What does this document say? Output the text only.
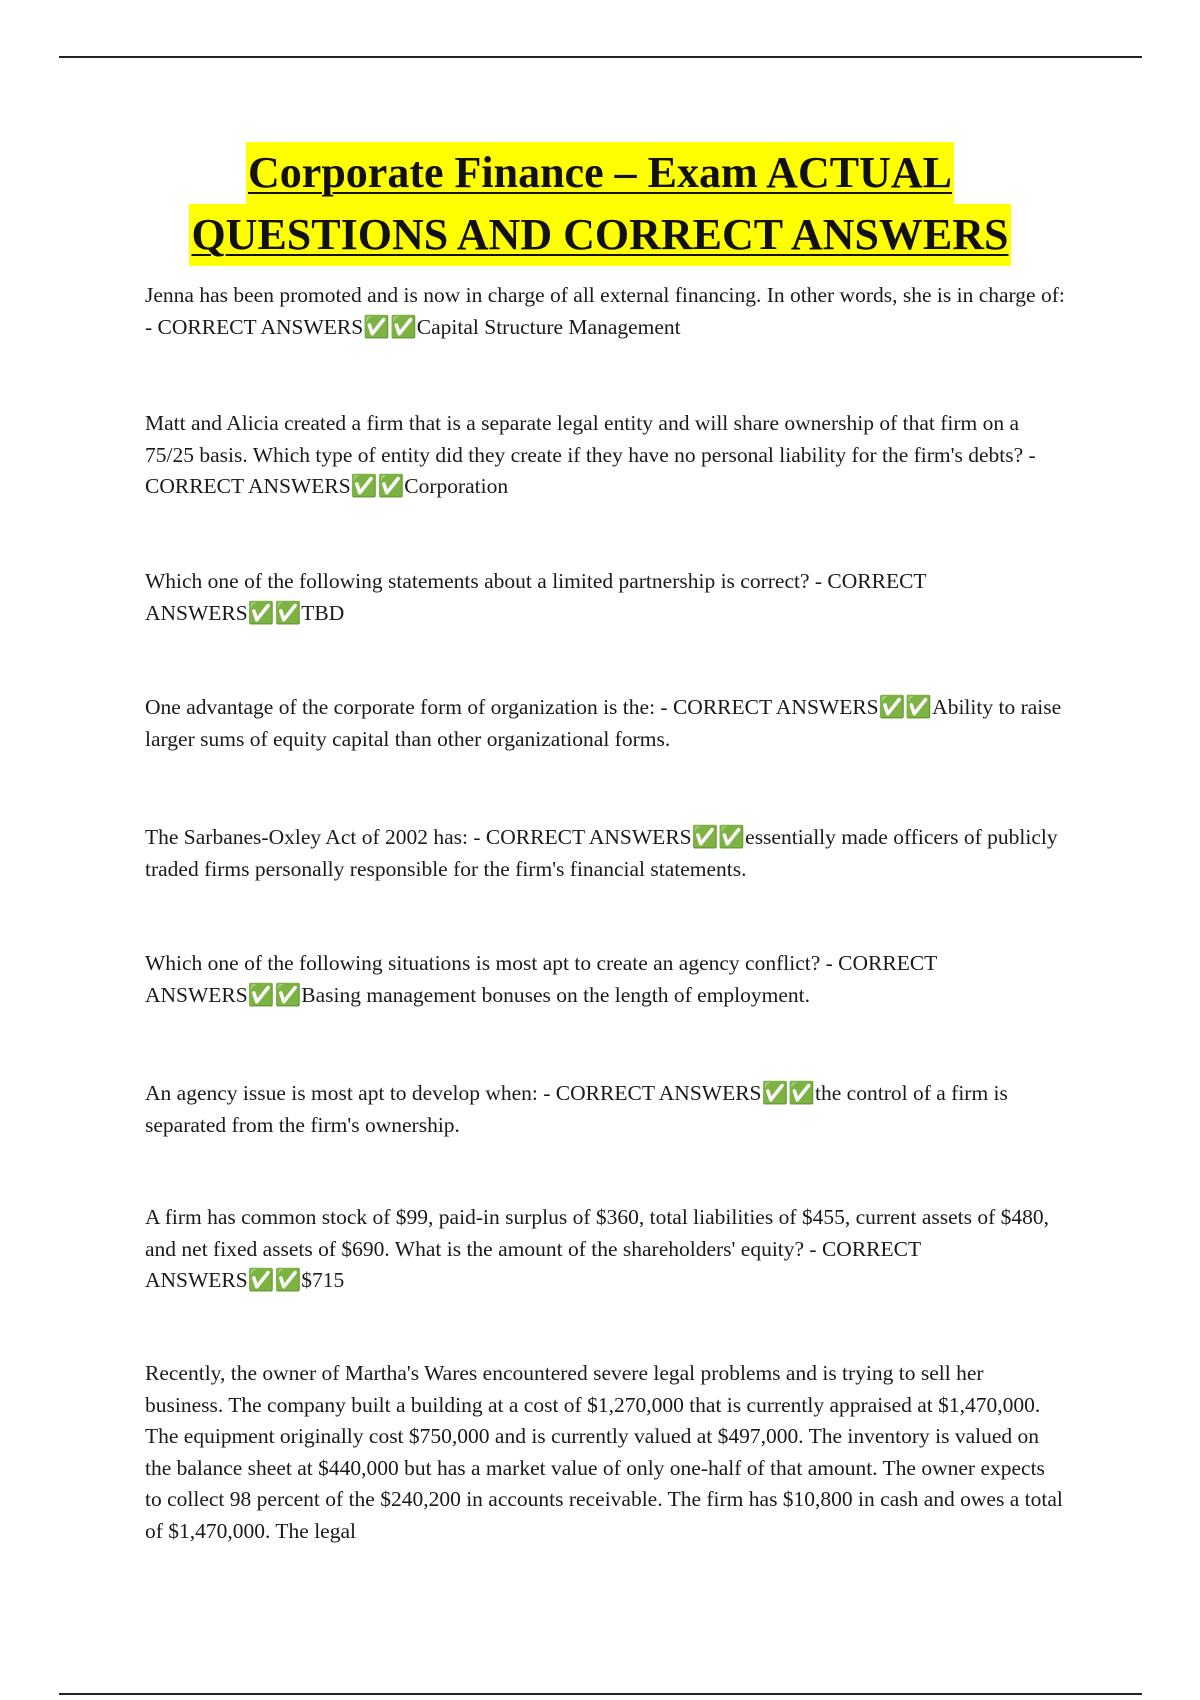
Corporate Finance – Exam ACTUAL
QUESTIONS AND CORRECT ANSWERS

Jenna has been promoted and is now in charge of all external financing. In other words, she is in charge of: - CORRECT ANSWERS✅✅Capital Structure Management

Matt and Alicia created a firm that is a separate legal entity and will share ownership of that firm on a 75/25 basis. Which type of entity did they create if they have no personal liability for the firm's debts? - CORRECT ANSWERS✅✅Corporation

Which one of the following statements about a limited partnership is correct? - CORRECT ANSWERS✅✅TBD

One advantage of the corporate form of organization is the: - CORRECT ANSWERS✅✅Ability to raise larger sums of equity capital than other organizational forms.

The Sarbanes-Oxley Act of 2002 has: - CORRECT ANSWERS✅✅essentially made officers of publicly traded firms personally responsible for the firm's financial statements.

Which one of the following situations is most apt to create an agency conflict? - CORRECT ANSWERS✅✅Basing management bonuses on the length of employment.

An agency issue is most apt to develop when: - CORRECT ANSWERS✅✅the control of a firm is separated from the firm's ownership.

A firm has common stock of $99, paid-in surplus of $360, total liabilities of $455, current assets of $480, and net fixed assets of $690. What is the amount of the shareholders' equity? - CORRECT ANSWERS✅✅$715

Recently, the owner of Martha's Wares encountered severe legal problems and is trying to sell her business. The company built a building at a cost of $1,270,000 that is currently appraised at $1,470,000. The equipment originally cost $750,000 and is currently valued at $497,000. The inventory is valued on the balance sheet at $440,000 but has a market value of only one-half of that amount. The owner expects to collect 98 percent of the $240,200 in accounts receivable. The firm has $10,800 in cash and owes a total of $1,470,000. The legal
